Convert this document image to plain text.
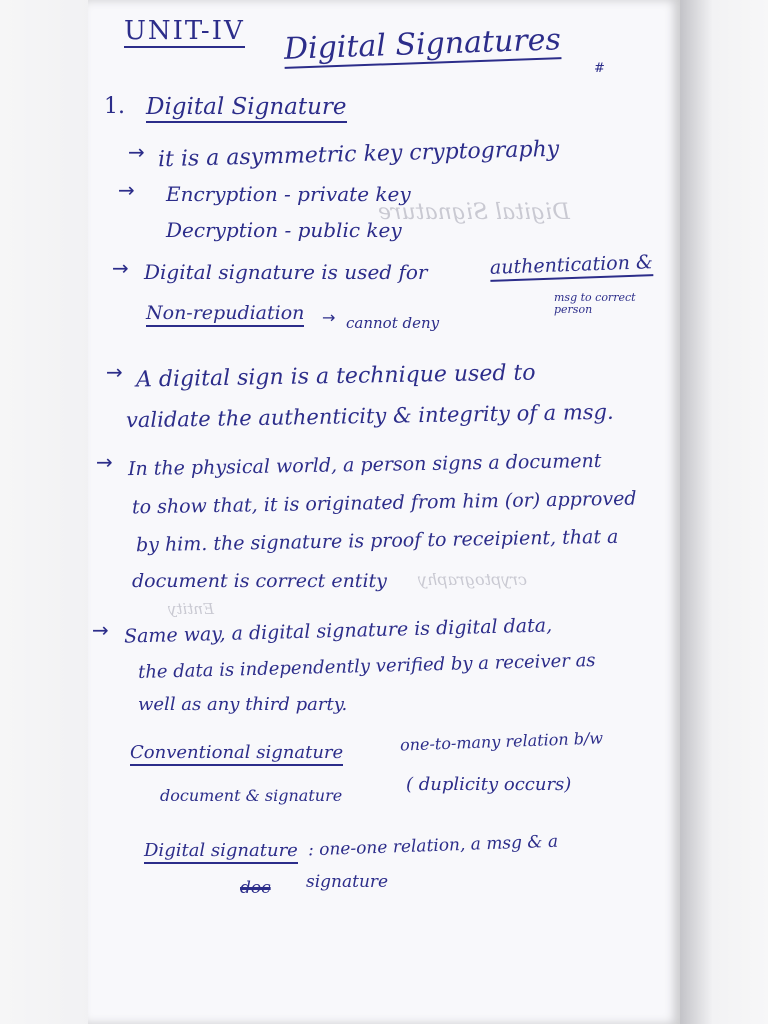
Digital Signature
cryptography
Entity
UNIT-IV Digital Signatures
#
1. Digital Signature
→ it is a asymmetric key cryptography
→ Encryption - private key
Decryption - public key
→ Digital signature is used for	authentication &
msg to correct person
Non-repudiation → cannot deny
→ A digital sign is a technique used to
validate the authenticity & integrity of a msg.
→ In the physical world, a person signs a document
to show that, it is originated from him (or) approved
by him. the signature is proof to receipient, that a
document is correct entity
→ Same way, a digital signature is digital data,
the data is independently verified by a receiver as
well as any third party.
Conventional signature	one-to-many relation b/w
document & signature
( duplicity occurs)
Digital signature : one-one relation, a msg & a
doc signature
